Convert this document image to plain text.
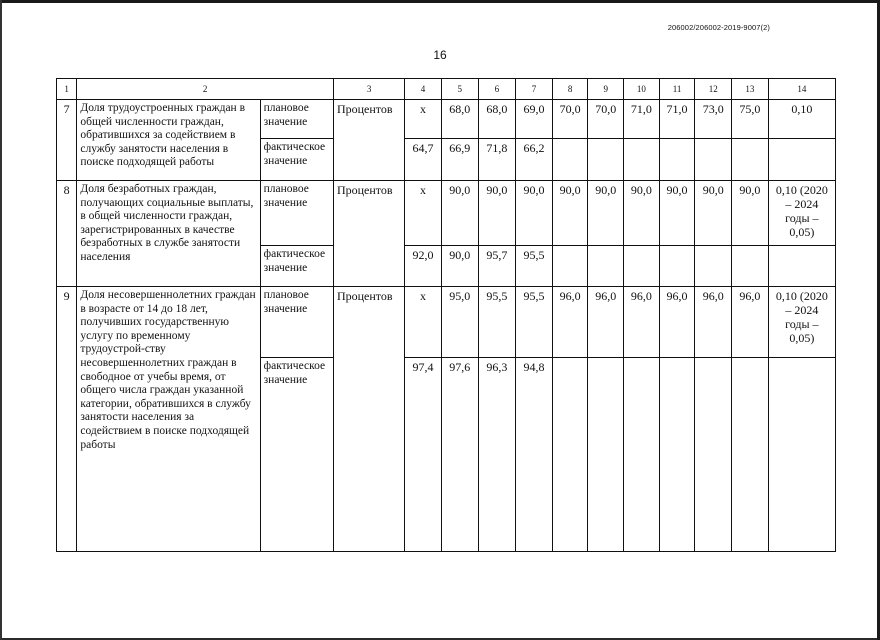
206002/206002-2019-9007(2)
16
1	2		3	4	5	6	7	8	9	10	11	12	13	14
7	Доля трудоустроенных граждан в общей численности граждан, обратившихся за содействием в службу занятости населения в поиске подходящей работы	плановое значение	Процентов	x	68,0	68,0	69,0	70,0	70,0	71,0	71,0	73,0	75,0	0,10
		фактическое значение		64,7	66,9	71,8	66,2							
8	Доля безработных граждан, получающих социальные выплаты, в общей численности граждан, зарегистрированных в качестве безработных в службе занятости населения	плановое значение	Процентов	x	90,0	90,0	90,0	90,0	90,0	90,0	90,0	90,0	90,0	0,10 (2020 – 2024 годы – 0,05)
		фактическое значение		92,0	90,0	95,7	95,5							
9	Доля несовершеннолетних граждан в возрасте от 14 до 18 лет, получивших государственную услугу по временному трудоустрой-ству несовершеннолетних граждан в свободное от учебы время, от общего числа граждан указанной категории, обратившихся в службу занятости населения за содействием в поиске подходящей работы	плановое значение	Процентов	x	95,0	95,5	95,5	96,0	96,0	96,0	96,0	96,0	96,0	0,10 (2020 – 2024 годы – 0,05)
		фактическое значение		97,4	97,6	96,3	94,8							
